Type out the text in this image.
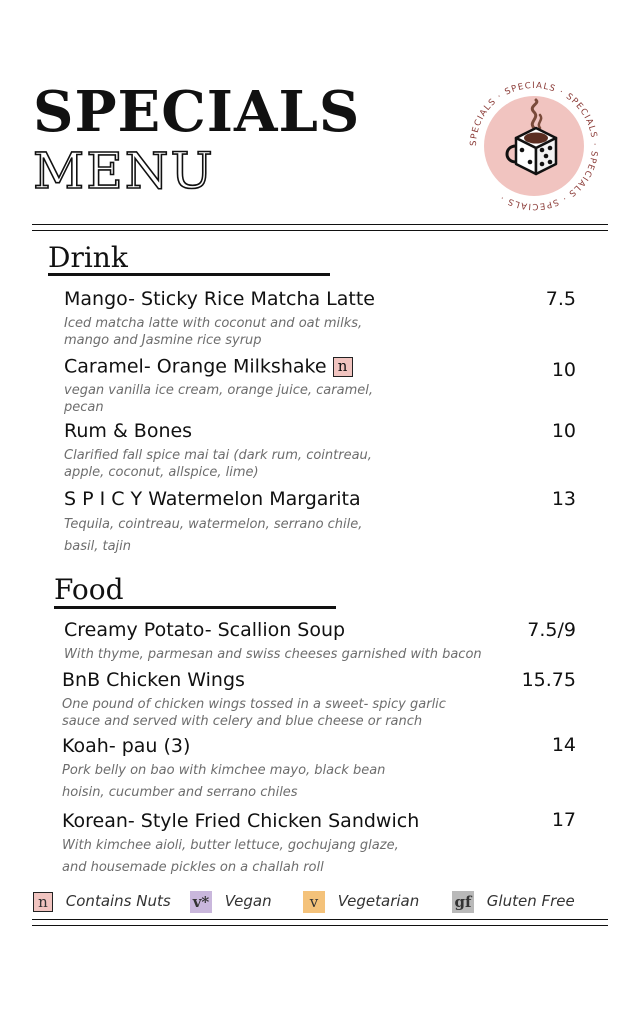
SPECIALS
MENU	SPECIALS · SPECIALS · SPECIALS · SPECIALS · SPECIALS ·
Drink
Mango- Sticky Rice Matcha Latte	7.5
Iced matcha latte with coconut and oat milks,
mango and Jasmine rice syrup
Caramel- Orange Milkshake n	10
vegan vanilla ice cream, orange juice, caramel,
pecan
Rum & Bones	10
Clarified fall spice mai tai (dark rum, cointreau,
apple, coconut, allspice, lime)
S P I C Y Watermelon Margarita	13
Tequila, cointreau, watermelon, serrano chile,
basil, tajin
Food
Creamy Potato- Scallion Soup	7.5/9
With thyme, parmesan and swiss cheeses garnished with bacon
BnB Chicken Wings	15.75
One pound of chicken wings tossed in a sweet- spicy garlic
sauce and served with celery and blue cheese or ranch
Koah- pau (3)	14
Pork belly on bao with kimchee mayo, black bean
hoisin, cucumber and serrano chiles
Korean- Style Fried Chicken Sandwich	17
With kimchee aioli, butter lettuce, gochujang glaze,
and housemade pickles on a challah roll
n Contains Nuts v* Vegan	v Vegetarian gf Gluten Free
